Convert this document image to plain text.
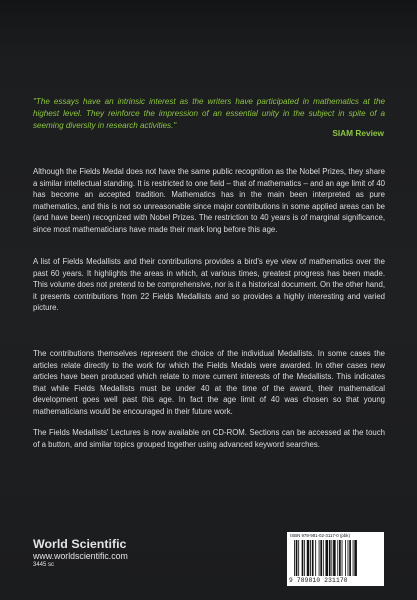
"The essays have an intrinsic interest as the writers have participated in mathematics at the highest level. They reinforce the impression of an essential unity in the subject in spite of a seeming diversity in research activities."
SIAM Review
Although the Fields Medal does not have the same public recognition as the Nobel Prizes, they share a similar intellectual standing. It is restricted to one field – that of mathematics – and an age limit of 40 has become an accepted tradition. Mathematics has in the main been interpreted as pure mathematics, and this is not so unreasonable since major contributions in some applied areas can be (and have been) recognized with Nobel Prizes. The restriction to 40 years is of marginal significance, since most mathematicians have made their mark long before this age.
A list of Fields Medallists and their contributions provides a bird's eye view of mathematics over the past 60 years. It highlights the areas in which, at various times, greatest progress has been made. This volume does not pretend to be comprehensive, nor is it a historical document. On the other hand, it presents contributions from 22 Fields Medallists and so provides a highly interesting and varied picture.
The contributions themselves represent the choice of the individual Medallists. In some cases the articles relate directly to the work for which the Fields Medals were awarded. In other cases new articles have been produced which relate to more current interests of the Medallists. This indicates that while Fields Medallists must be under 40 at the time of the award, their mathematical development goes well past this age. In fact the age limit of 40 was chosen so that young mathematicians would be encouraged in their future work.
The Fields Medallists' Lectures is now available on CD-ROM. Sections can be accessed at the touch of a button, and similar topics grouped together using advanced keyword searches.
World Scientific
www.worldscientific.com
3445 sc
ISBN 978-981-02-3117-0 (pbk)
9 789810 231170
